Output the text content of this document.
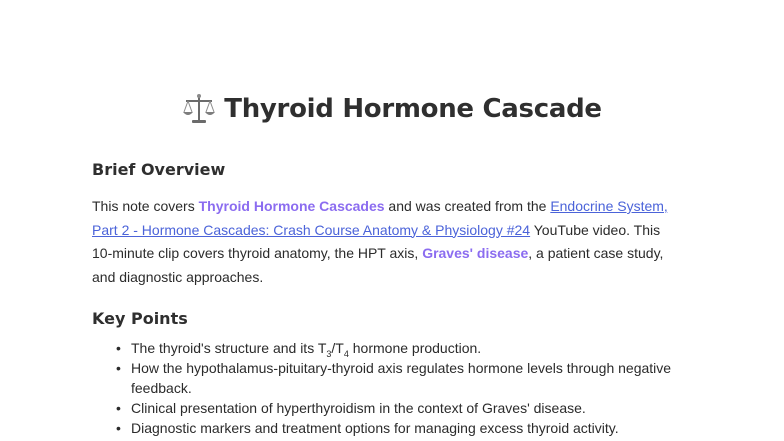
Thyroid Hormone Cascade
Brief Overview

This note covers Thyroid Hormone Cascades and was created from the Endocrine System, Part 2 - Hormone Cascades: Crash Course Anatomy & Physiology #24 YouTube video. This 10-minute clip covers thyroid anatomy, the HPT axis, Graves' disease, a patient case study, and diagnostic approaches.

Key Points
• The thyroid's structure and its $T_3/T_4$ hormone production.
• How the hypothalamus-pituitary-thyroid axis regulates hormone levels through negative feedback.
• Clinical presentation of hyperthyroidism in the context of Graves' disease.
• Diagnostic markers and treatment options for managing excess thyroid activity.
